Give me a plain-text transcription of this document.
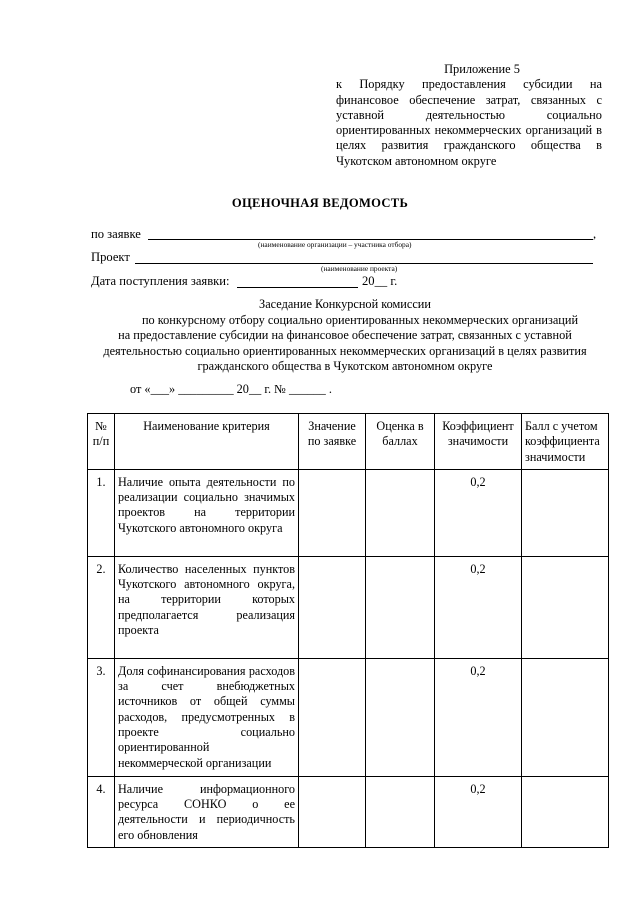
Приложение 5
к Порядку предоставления субсидии на финансовое обеспечение затрат, связанных с уставной деятельностью социально ориентированных некоммерческих организаций в целях развития гражданского общества в Чукотском автономном округе
ОЦЕНОЧНАЯ ВЕДОМОСТЬ
по заявке	,
(наименование организации – участника отбора)
Проект
(наименование проекта)
Дата поступления заявки:	20__ г.
Заседание Конкурсной комиссии
по конкурсному отбору социально ориентированных некоммерческих организаций
на предоставление субсидии на финансовое обеспечение затрат, связанных с уставной
деятельностью социально ориентированных некоммерческих организаций в целях развития
гражданского общества в Чукотском автономном округе
от «___» _________ 20__ г. № ______ .
№ п/п	Наименование критерия	Значение по заявке	Оценка в баллах	Коэффициент значимости	Балл с учетом коэффициента значимости
1.	Наличие опыта деятельности по реализации социально значимых проектов на территории Чукотского автономного округа			0,2	
2.	Количество населенных пунктов Чукотского автономного округа, на территории которых предполагается реализация проекта			0,2	
3.	Доля софинансирования расходов за счет внебюджетных источников от общей суммы расходов, предусмотренных в проекте социально ориентированной некоммерческой организации			0,2	
4.	Наличие информационного ресурса СОНКО о ее деятельности и периодичность его обновления			0,2	
